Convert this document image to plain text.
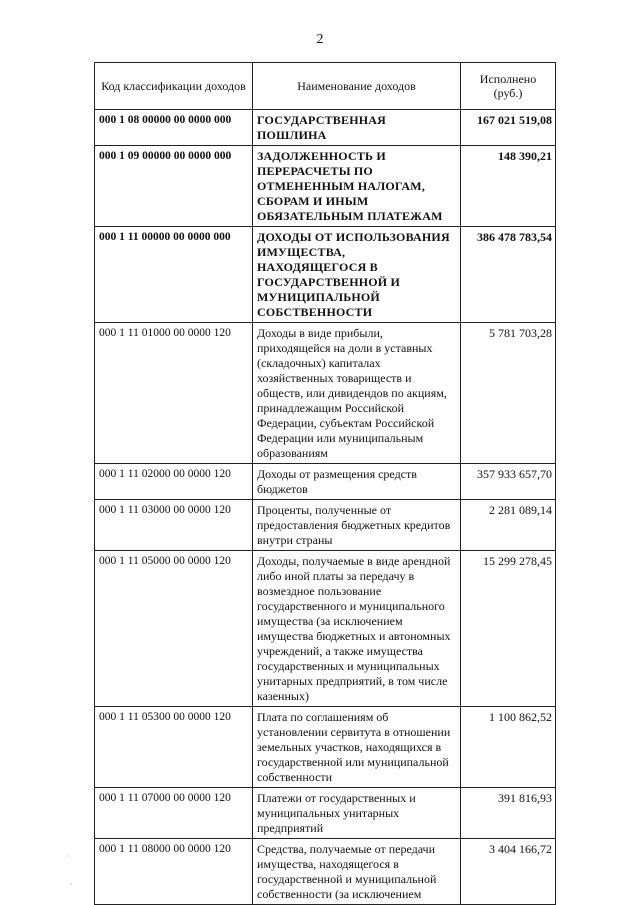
2
Код классификации доходов	Наименование доходов	Исполнено (руб.)
000 1 08 00000 00 0000 000	ГОСУДАРСТВЕННАЯ ПОШЛИНА	167 021 519,08
000 1 09 00000 00 0000 000	ЗАДОЛЖЕННОСТЬ И ПЕРЕРАСЧЕТЫ ПО ОТМЕНЕННЫМ НАЛОГАМ, СБОРАМ И ИНЫМ ОБЯЗАТЕЛЬНЫМ ПЛАТЕЖАМ	148 390,21
000 1 11 00000 00 0000 000	ДОХОДЫ ОТ ИСПОЛЬЗОВАНИЯ ИМУЩЕСТВА, НАХОДЯЩЕГОСЯ В ГОСУДАРСТВЕННОЙ И МУНИЦИПАЛЬНОЙ СОБСТВЕННОСТИ	386 478 783,54
000 1 11 01000 00 0000 120	Доходы в виде прибыли, приходящейся на доли в уставных (складочных) капиталах хозяйственных товариществ и обществ, или дивидендов по акциям, принадлежащим Российской Федерации, субъектам Российской Федерации или муниципальным образованиям	5 781 703,28
000 1 11 02000 00 0000 120	Доходы от размещения средств бюджетов	357 933 657,70
000 1 11 03000 00 0000 120	Проценты, полученные от предоставления бюджетных кредитов внутри страны	2 281 089,14
000 1 11 05000 00 0000 120	Доходы, получаемые в виде арендной либо иной платы за передачу в возмездное пользование государственного и муниципального имущества (за исключением имущества бюджетных и автономных учреждений, а также имущества государственных и муниципальных унитарных предприятий, в том числе казенных)	15 299 278,45
000 1 11 05300 00 0000 120	Плата по соглашениям об установлении сервитута в отношении земельных участков, находящихся в государственной или муниципальной собственности	1 100 862,52
000 1 11 07000 00 0000 120	Платежи от государственных и муниципальных унитарных предприятий	391 816,93
000 1 11 08000 00 0000 120	Средства, получаемые от передачи имущества, находящегося в государственной и муниципальной собственности (за исключением	3 404 166,72
·
·
